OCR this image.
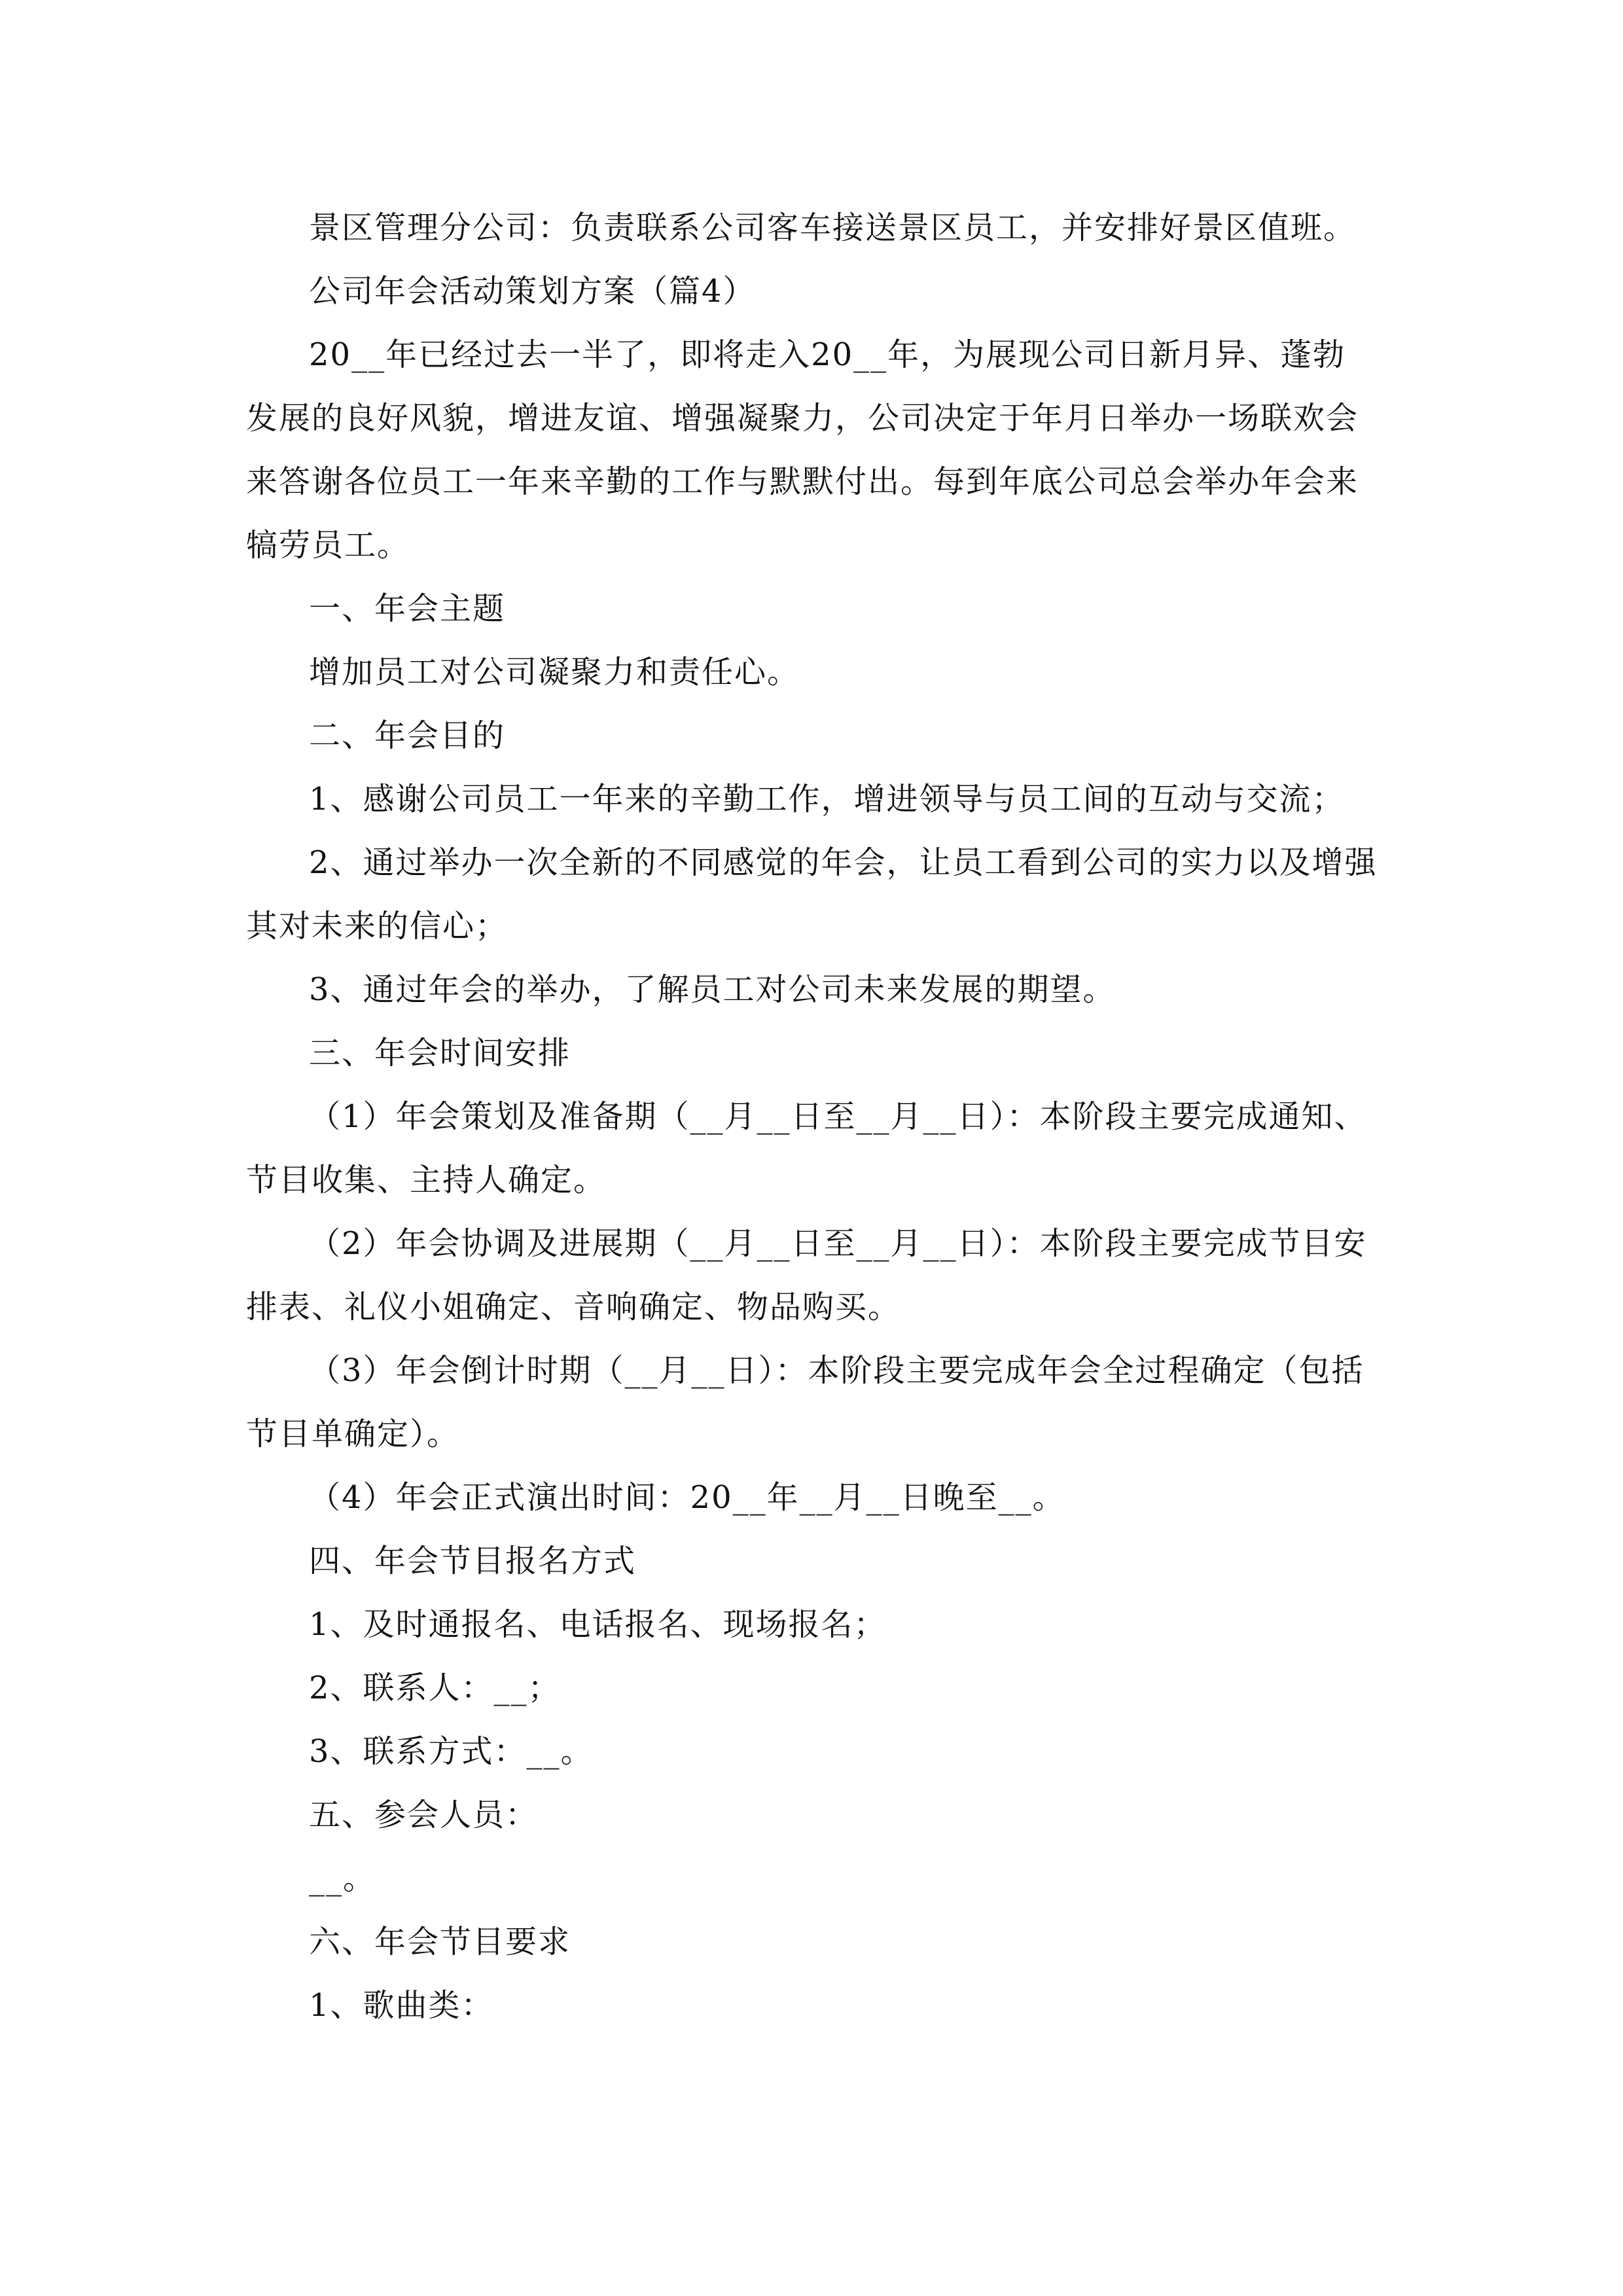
景区管理分公司：负责联系公司客车接送景区员工，并安排好景区值班。

公司年会活动策划方案（篇4）

20__年已经过去一半了，即将走入20__年，为展现公司日新月异、蓬勃发展的良好风貌，增进友谊、增强凝聚力，公司决定于年月日举办一场联欢会来答谢各位员工一年来辛勤的工作与默默付出。每到年底公司总会举办年会来犒劳员工。

一、年会主题

增加员工对公司凝聚力和责任心。

二、年会目的

1、感谢公司员工一年来的辛勤工作，增进领导与员工间的互动与交流；

2、通过举办一次全新的不同感觉的年会，让员工看到公司的实力以及增强其对未来的信心；

3、通过年会的举办，了解员工对公司未来发展的期望。

三、年会时间安排

（1）年会策划及准备期（__月__日至__月__日）：本阶段主要完成通知、节目收集、主持人确定。

（2）年会协调及进展期（__月__日至__月__日）：本阶段主要完成节目安排表、礼仪小姐确定、音响确定、物品购买。

（3）年会倒计时期（__月__日）：本阶段主要完成年会全过程确定（包括节目单确定）。

（4）年会正式演出时间：20__年__月__日晚至__。

四、年会节目报名方式

1、及时通报名、电话报名、现场报名；

2、联系人：__；

3、联系方式：__。

五、参会人员：

__。

六、年会节目要求

1、歌曲类：
